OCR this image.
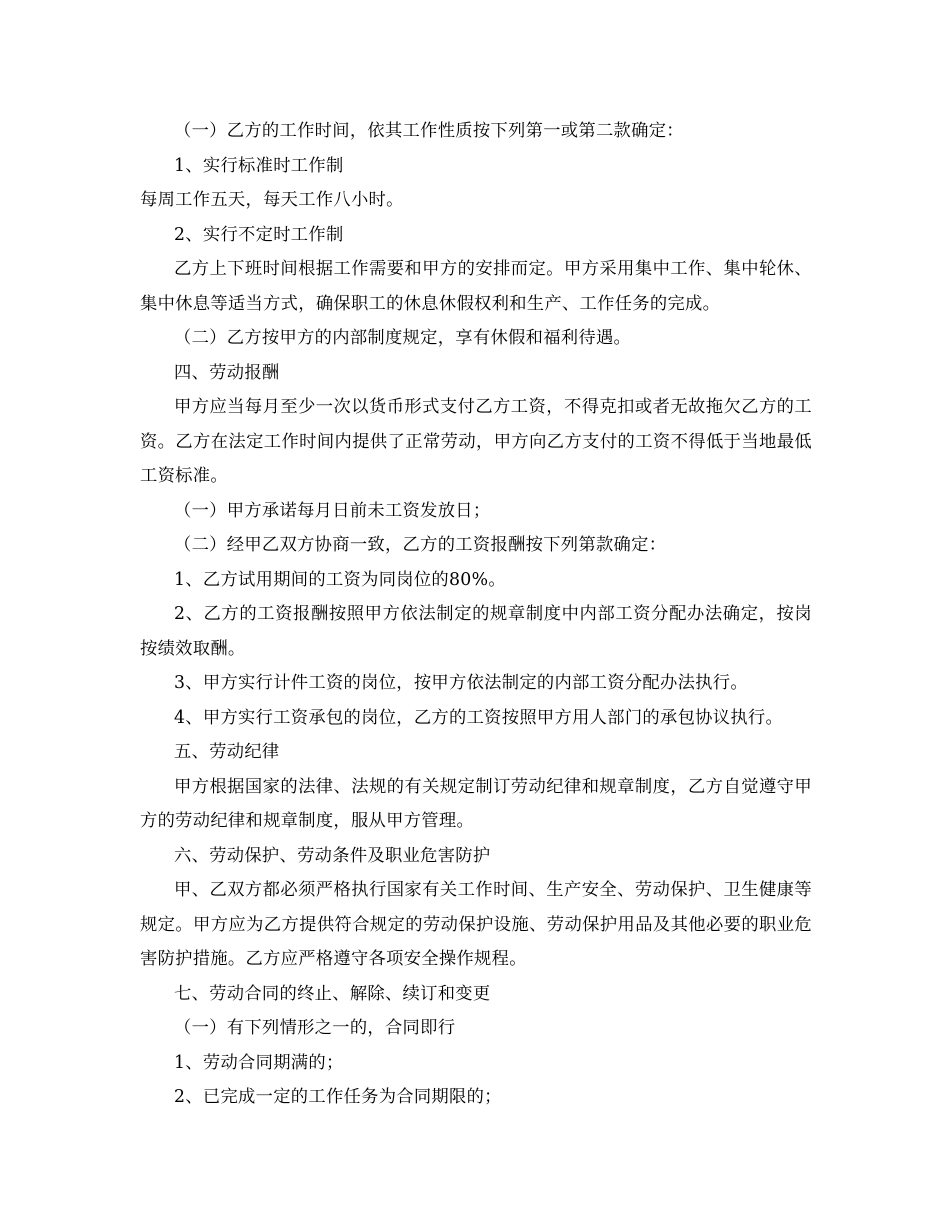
（一）乙方的工作时间，依其工作性质按下列第一或第二款确定：

1、实行标准时工作制

每周工作五天，每天工作八小时。

2、实行不定时工作制

乙方上下班时间根据工作需要和甲方的安排而定。甲方采用集中工作、集中轮休、集中休息等适当方式，确保职工的休息休假权利和生产、工作任务的完成。

（二）乙方按甲方的内部制度规定，享有休假和福利待遇。

四、劳动报酬

甲方应当每月至少一次以货币形式支付乙方工资，不得克扣或者无故拖欠乙方的工资。乙方在法定工作时间内提供了正常劳动，甲方向乙方支付的工资不得低于当地最低工资标准。

（一）甲方承诺每月日前未工资发放日；

（二）经甲乙双方协商一致，乙方的工资报酬按下列第款确定：

1、乙方试用期间的工资为同岗位的80%。

2、乙方的工资报酬按照甲方依法制定的规章制度中内部工资分配办法确定，按岗按绩效取酬。

3、甲方实行计件工资的岗位，按甲方依法制定的内部工资分配办法执行。

4、甲方实行工资承包的岗位，乙方的工资按照甲方用人部门的承包协议执行。

五、劳动纪律

甲方根据国家的法律、法规的有关规定制订劳动纪律和规章制度，乙方自觉遵守甲方的劳动纪律和规章制度，服从甲方管理。

六、劳动保护、劳动条件及职业危害防护

甲、乙双方都必须严格执行国家有关工作时间、生产安全、劳动保护、卫生健康等规定。甲方应为乙方提供符合规定的劳动保护设施、劳动保护用品及其他必要的职业危害防护措施。乙方应严格遵守各项安全操作规程。

七、劳动合同的终止、解除、续订和变更

（一）有下列情形之一的，合同即行

1、劳动合同期满的；

2、已完成一定的工作任务为合同期限的；
